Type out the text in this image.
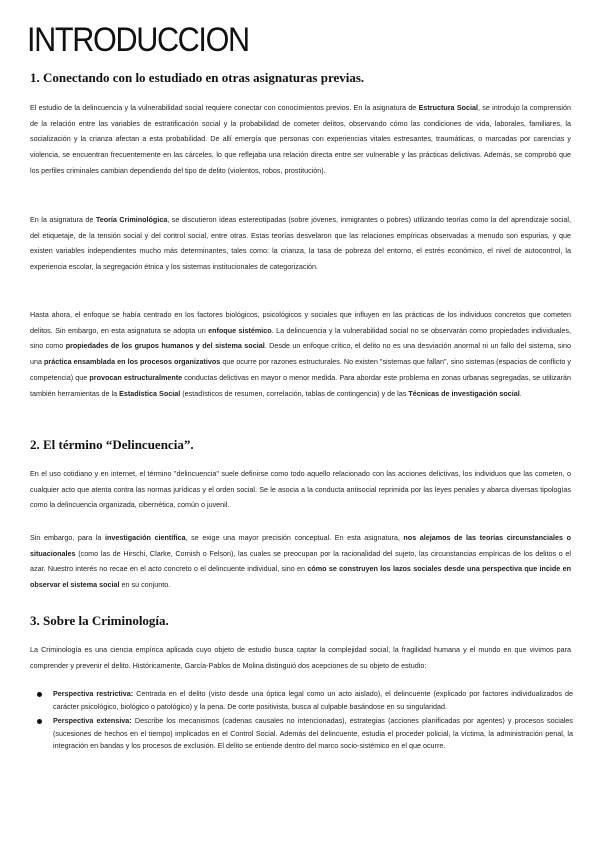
INTRODUCCION
1. Conectando con lo estudiado en otras asignaturas previas.

El estudio de la delincuencia y la vulnerabilidad social requiere conectar con conocimientos previos. En la asignatura de Estructura Social, se introdujo la comprensión de la relación entre las variables de estratificación social y la probabilidad de cometer delitos, observando cómo las condiciones de vida, laborales, familiares, la socialización y la crianza afectan a esta probabilidad. De allí emergía que personas con experiencias vitales estresantes, traumáticas, o marcadas por carencias y violencia, se encuentran frecuentemente en las cárceles, lo que reflejaba una relación directa entre ser vulnerable y las prácticas delictivas. Además, se comprobó que los perfiles criminales cambian dependiendo del tipo de delito (violentos, robos, prostitución).

En la asignatura de Teoría Criminológica, se discutieron ideas estereotipadas (sobre jóvenes, inmigrantes o pobres) utilizando teorías como la del aprendizaje social, del etiquetaje, de la tensión social y del control social, entre otras. Estas teorías desvelaron que las relaciones empíricas observadas a menudo son espurias, y que existen variables independientes mucho más determinantes, tales como: la crianza, la tasa de pobreza del entorno, el estrés económico, el nivel de autocontrol, la experiencia escolar, la segregación étnica y los sistemas institucionales de categorización.

Hasta ahora, el enfoque se había centrado en los factores biológicos, psicológicos y sociales que influyen en las prácticas de los individuos concretos que cometen delitos. Sin embargo, en esta asignatura se adopta un enfoque sistémico. La delincuencia y la vulnerabilidad social no se observarán como propiedades individuales, sino como propiedades de los grupos humanos y del sistema social. Desde un enfoque crítico, el delito no es una desviación anormal ni un fallo del sistema, sino una práctica ensamblada en los procesos organizativos que ocurre por razones estructurales. No existen "sistemas que fallan", sino sistemas (espacios de conflicto y competencia) que provocan estructuralmente conductas delictivas en mayor o menor medida. Para abordar este problema en zonas urbanas segregadas, se utilizarán también herramientas de la Estadística Social (estadísticos de resumen, correlación, tablas de contingencia) y de las Técnicas de investigación social.

2. El término “Delincuencia”.

En el uso cotidiano y en internet, el término "delincuencia" suele definirse como todo aquello relacionado con las acciones delictivas, los individuos que las cometen, o cualquier acto que atenta contra las normas jurídicas y el orden social. Se le asocia a la conducta antisocial reprimida por las leyes penales y abarca diversas tipologías como la delincuencia organizada, cibernética, común o juvenil.

Sin embargo, para la investigación científica, se exige una mayor precisión conceptual. En esta asignatura, nos alejamos de las teorías circunstanciales o situacionales (como las de Hirschi, Clarke, Cornish o Felson), las cuales se preocupan por la racionalidad del sujeto, las circunstancias empíricas de los delitos o el azar. Nuestro interés no recae en el acto concreto o el delincuente individual, sino en cómo se construyen los lazos sociales desde una perspectiva que incide en observar el sistema social en su conjunto.

3. Sobre la Criminología.

La Criminología es una ciencia empírica aplicada cuyo objeto de estudio busca captar la complejidad social, la fragilidad humana y el mundo en que vivimos para comprender y prevenir el delito. Históricamente, García-Pablos de Molina distinguió dos acepciones de su objeto de estudio:

Perspectiva restrictiva: Centrada en el delito (visto desde una óptica legal como un acto aislado), el delincuente (explicado por factores individualizados de carácter psicológico, biológico o patológico) y la pena. De corte positivista, busca al culpable basándose en su singularidad.
Perspectiva extensiva: Describe los mecanismos (cadenas causales no intencionadas), estrategias (acciones planificadas por agentes) y procesos sociales (sucesiones de hechos en el tiempo) implicados en el Control Social. Además del delincuente, estudia el proceder policial, la víctima, la administración penal, la integración en bandas y los procesos de exclusión. El delito se entiende dentro del marco socio-sistémico en el que ocurre.
